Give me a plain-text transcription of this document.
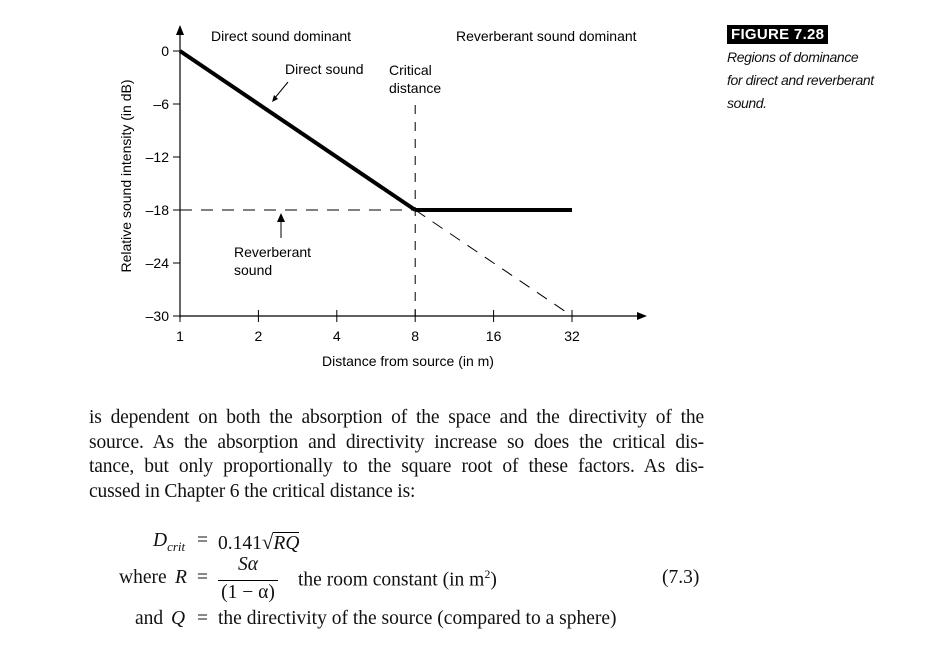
0
–6
–12
–18
–24
–30
1	2	4	8	16	32
Direct sound dominant	Reverberant sound dominant
Direct sound Critical
distance
Reverberant
sound
Distance from source (in m)
Relative sound intensity (in dB)
FIGURE 7.28
Regions of dominance
for direct and reverberant
sound.
is dependent on both the absorption of the space and the directivity of the
source. As the absorption and directivity increase so does the critical dis-
tance, but only proportionally to the square root of these factors. As dis-
cussed in Chapter 6 the critical distance is:
$D_{crit} = 0.141√RQ$
where R =
Sα
(1 − α)
the room constant (in $m^2$)	(7.3)
and Q = the directivity of the source (compared to a sphere)
